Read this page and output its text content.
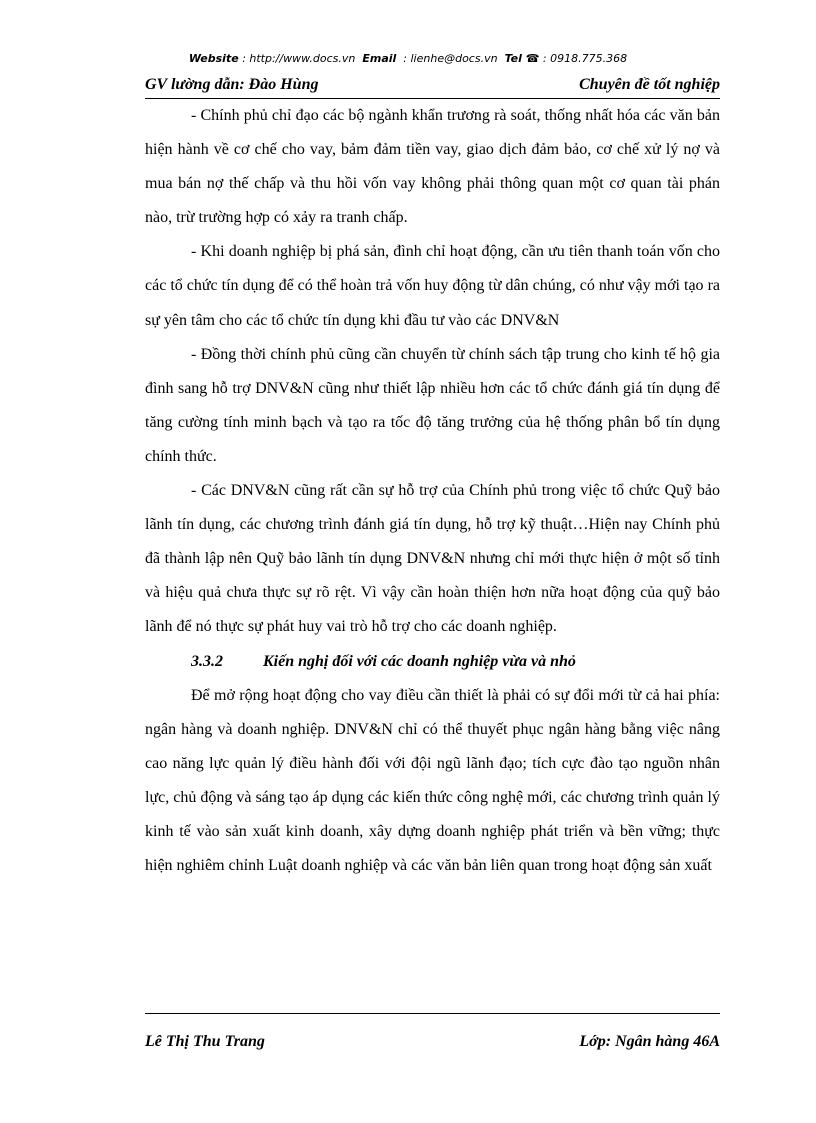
Website : http://www.docs.vn Email : lienhe@docs.vn Tel ☎ : 0918.775.368
GV lường dẫn: Đào Hùng	Chuyên đề tốt nghiệp

- Chính phủ chỉ đạo các bộ ngành khẩn trương rà soát, thống nhất hóa các văn bản hiện hành về cơ chế cho vay, bảm đảm tiền vay, giao dịch đảm bảo, cơ chế xử lý nợ và mua bán nợ thế chấp và thu hồi vốn vay không phải thông quan một cơ quan tài phán nào, trừ trường hợp có xảy ra tranh chấp.

- Khi doanh nghiệp bị phá sản, đình chỉ hoạt động, cần ưu tiên thanh toán vốn cho các tổ chức tín dụng để có thể hoàn trả vốn huy động từ dân chúng, có như vậy mới tạo ra sự yên tâm cho các tổ chức tín dụng khi đầu tư vào các DNV&N

- Đồng thời chính phủ cũng cần chuyển từ chính sách tập trung cho kinh tế hộ gia đình sang hỗ trợ DNV&N cũng như thiết lập nhiều hơn các tổ chức đánh giá tín dụng để tăng cường tính minh bạch và tạo ra tốc độ tăng trưởng của hệ thống phân bổ tín dụng chính thức.

- Các DNV&N cũng rất cần sự hỗ trợ của Chính phủ trong việc tổ chức Quỹ bảo lãnh tín dụng, các chương trình đánh giá tín dụng, hỗ trợ kỹ thuật…Hiện nay Chính phủ đã thành lập nên Quỹ bảo lãnh tín dụng DNV&N nhưng chỉ mới thực hiện ở một số tỉnh và hiệu quả chưa thực sự rõ rệt. Vì vậy cần hoàn thiện hơn nữa hoạt động của quỹ bảo lãnh để nó thực sự phát huy vai trò hỗ trợ cho các doanh nghiệp.

3.3.2	Kiến nghị đối với các doanh nghiệp vừa và nhỏ

Để mở rộng hoạt động cho vay điều cần thiết là phải có sự đổi mới từ cả hai phía: ngân hàng và doanh nghiệp. DNV&N chỉ có thể thuyết phục ngân hàng bằng việc nâng cao năng lực quản lý điều hành đối với đội ngũ lãnh đạo; tích cực đào tạo nguồn nhân lực, chủ động và sáng tạo áp dụng các kiến thức công nghệ mới, các chương trình quản lý kinh tế vào sản xuất kinh doanh, xây dựng doanh nghiệp phát triển và bền vững; thực hiện nghiêm chỉnh Luật doanh nghiệp và các văn bản liên quan trong hoạt động sản xuất

Lê Thị Thu Trang	Lớp: Ngân hàng 46A
